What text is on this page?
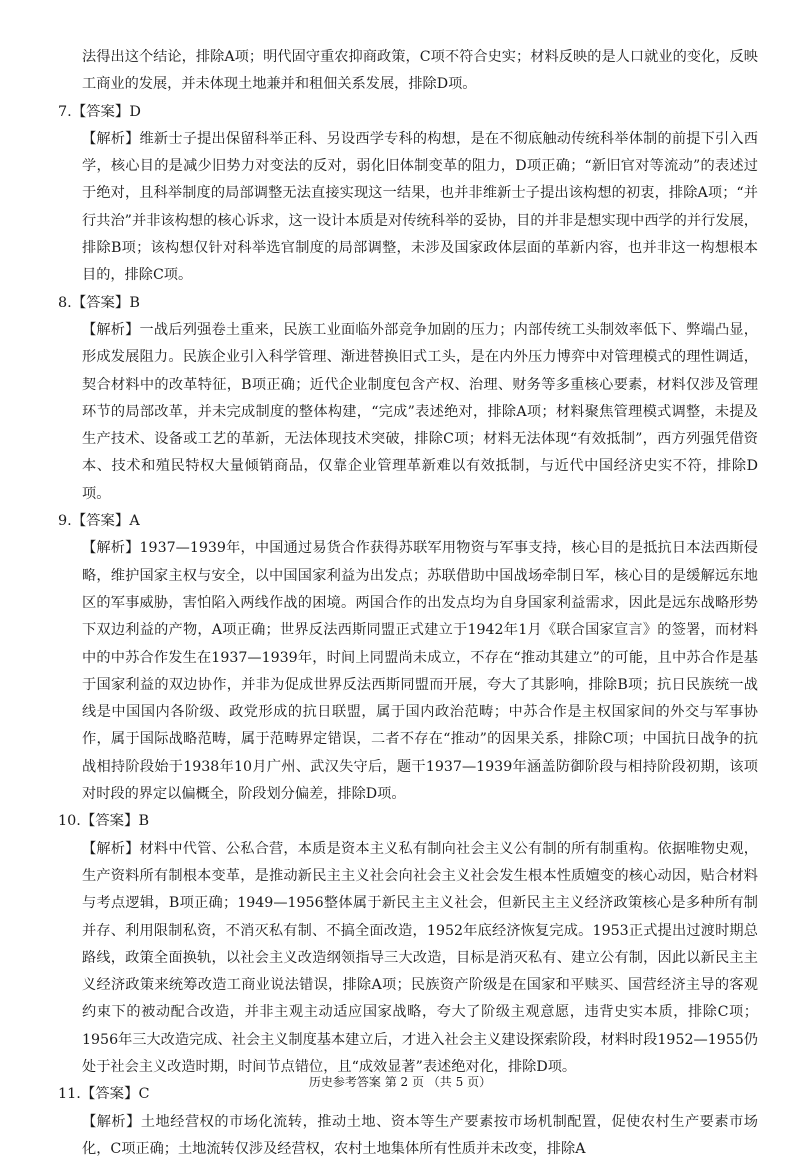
法得出这个结论，排除A项；明代固守重农抑商政策，C项不符合史实；材料反映的是人口就业的变化，反映工商业的发展，并未体现土地兼并和租佃关系发展，排除D项。

7.【答案】D

【解析】维新士子提出保留科举正科、另设西学专科的构想，是在不彻底触动传统科举体制的前提下引入西学，核心目的是减少旧势力对变法的反对，弱化旧体制变革的阻力，D项正确；“新旧官对等流动”的表述过于绝对，且科举制度的局部调整无法直接实现这一结果，也并非维新士子提出该构想的初衷，排除A项；“并行共治”并非该构想的核心诉求，这一设计本质是对传统科举的妥协，目的并非是想实现中西学的并行发展，排除B项；该构想仅针对科举选官制度的局部调整，未涉及国家政体层面的革新内容，也并非这一构想根本目的，排除C项。

8.【答案】B

【解析】一战后列强卷土重来，民族工业面临外部竞争加剧的压力；内部传统工头制效率低下、弊端凸显，形成发展阻力。民族企业引入科学管理、渐进替换旧式工头，是在内外压力博弈中对管理模式的理性调适，契合材料中的改革特征，B项正确；近代企业制度包含产权、治理、财务等多重核心要素，材料仅涉及管理环节的局部改革，并未完成制度的整体构建，“完成”表述绝对，排除A项；材料聚焦管理模式调整，未提及生产技术、设备或工艺的革新，无法体现技术突破，排除C项；材料无法体现“有效抵制”，西方列强凭借资本、技术和殖民特权大量倾销商品，仅靠企业管理革新难以有效抵制，与近代中国经济史实不符，排除D项。

9.【答案】A

【解析】1937—1939年，中国通过易货合作获得苏联军用物资与军事支持，核心目的是抵抗日本法西斯侵略，维护国家主权与安全，以中国国家利益为出发点；苏联借助中国战场牵制日军，核心目的是缓解远东地区的军事威胁，害怕陷入两线作战的困境。两国合作的出发点均为自身国家利益需求，因此是远东战略形势下双边利益的产物，A项正确；世界反法西斯同盟正式建立于1942年1月《联合国家宣言》的签署，而材料中的中苏合作发生在1937—1939年，时间上同盟尚未成立，不存在“推动其建立”的可能，且中苏合作是基于国家利益的双边协作，并非为促成世界反法西斯同盟而开展，夸大了其影响，排除B项；抗日民族统一战线是中国国内各阶级、政党形成的抗日联盟，属于国内政治范畴；中苏合作是主权国家间的外交与军事协作，属于国际战略范畴，属于范畴界定错误，二者不存在“推动”的因果关系，排除C项；中国抗日战争的抗战相持阶段始于1938年10月广州、武汉失守后，题干1937—1939年涵盖防御阶段与相持阶段初期，该项对时段的界定以偏概全，阶段划分偏差，排除D项。

10.【答案】B

【解析】材料中代管、公私合营，本质是资本主义私有制向社会主义公有制的所有制重构。依据唯物史观，生产资料所有制根本变革，是推动新民主主义社会向社会主义社会发生根本性质嬗变的核心动因，贴合材料与考点逻辑，B项正确；1949—1956整体属于新民主主义社会，但新民主主义经济政策核心是多种所有制并存、利用限制私资，不消灭私有制、不搞全面改造，1952年底经济恢复完成。1953正式提出过渡时期总路线，政策全面换轨，以社会主义改造纲领指导三大改造，目标是消灭私有、建立公有制，因此以新民主主义经济政策来统筹改造工商业说法错误，排除A项；民族资产阶级是在国家和平赎买、国营经济主导的客观约束下的被动配合改造，并非主观主动适应国家战略，夸大了阶级主观意愿，违背史实本质，排除C项；1956年三大改造完成、社会主义制度基本建立后，才进入社会主义建设探索阶段，材料时段1952—1955仍处于社会主义改造时期，时间节点错位，且“成效显著”表述绝对化，排除D项。

11.【答案】C

【解析】土地经营权的市场化流转，推动土地、资本等生产要素按市场机制配置，促使农村生产要素市场化，C项正确；土地流转仅涉及经营权，农村土地集体所有性质并未改变，排除A

历史参考答案 第 2 页 （共 5 页）
